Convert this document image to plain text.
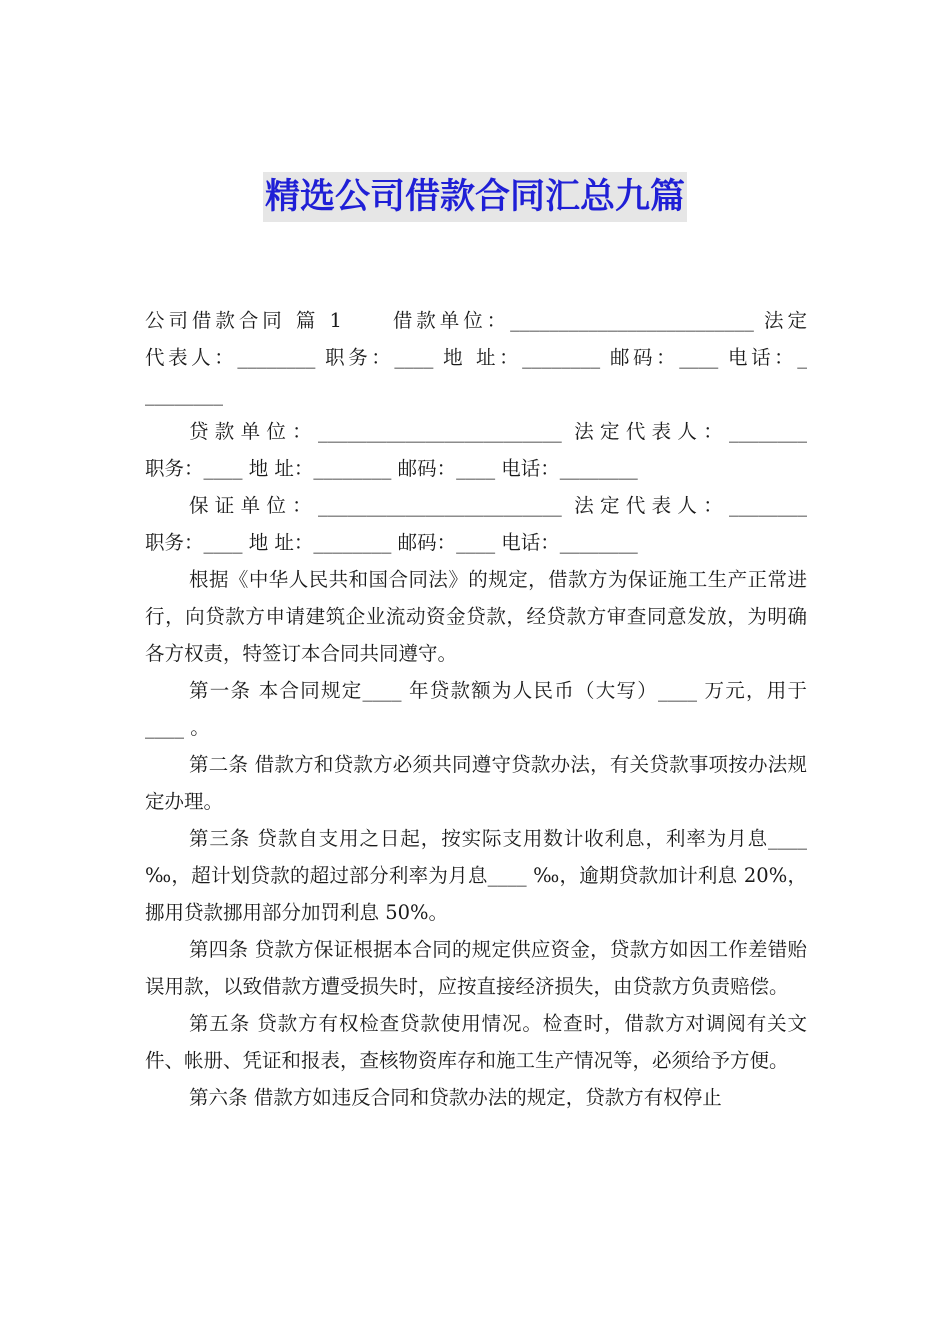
精选公司借款合同汇总九篇
公司借款合同 篇 1　　借款单位：_________________________ 法定
代表人：________ 职务：____ 地 址：________ 邮码：____ 电话：_
________
贷款单位：_________________________ 法定代表人：________
职务：____ 地 址：________ 邮码：____ 电话：________
保证单位：_________________________ 法定代表人：________
职务：____ 地 址：________ 邮码：____ 电话：________

根据《中华人民共和国合同法》的规定，借款方为保证施工生产正常进行，向贷款方申请建筑企业流动资金贷款，经贷款方审查同意发放，为明确各方权责，特签订本合同共同遵守。

第一条 本合同规定____ 年贷款额为人民币（大写）____ 万元，用于____ 。

第二条 借款方和贷款方必须共同遵守贷款办法，有关贷款事项按办法规定办理。

第三条 贷款自支用之日起，按实际支用数计收利息，利率为月息____ ‰，超计划贷款的超过部分利率为月息____ ‰，逾期贷款加计利息 20%，挪用贷款挪用部分加罚利息 50%。

第四条 贷款方保证根据本合同的规定供应资金，贷款方如因工作差错贻误用款，以致借款方遭受损失时，应按直接经济损失，由贷款方负责赔偿。

第五条 贷款方有权检查贷款使用情况。检查时，借款方对调阅有关文件、帐册、凭证和报表，查核物资库存和施工生产情况等，必须给予方便。

第六条 借款方如违反合同和贷款办法的规定，贷款方有权停止
